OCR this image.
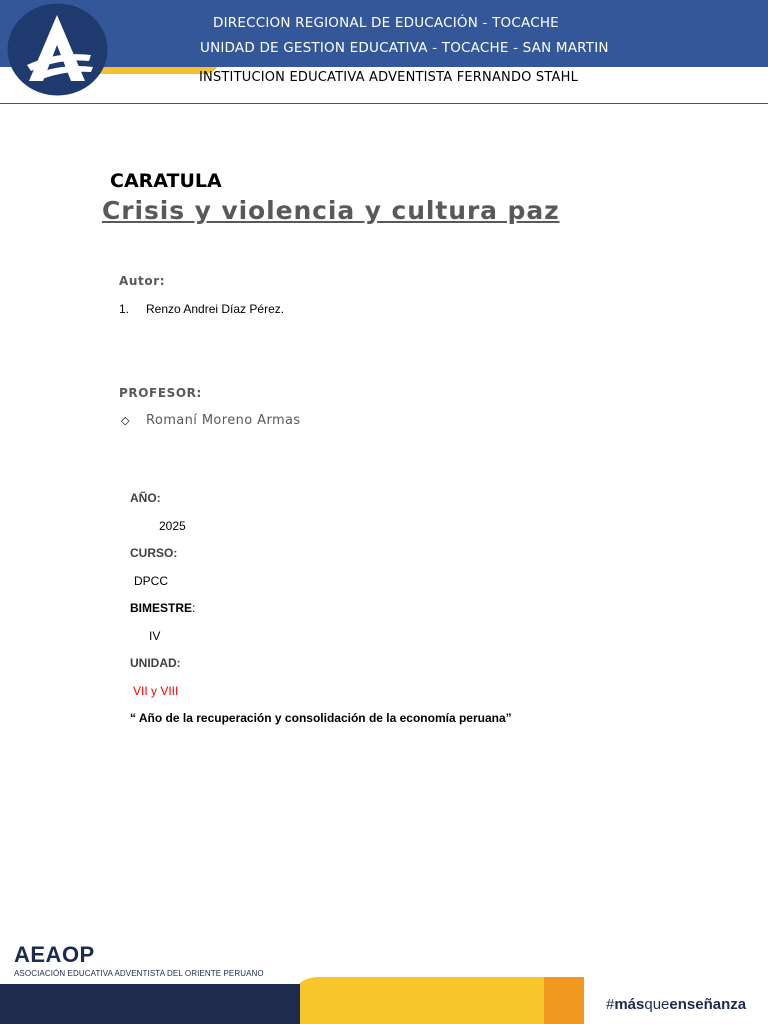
DIRECCION REGIONAL DE EDUCACIÓN - TOCACHE
UNIDAD DE GESTION EDUCATIVA - TOCACHE - SAN MARTIN
INSTITUCION EDUCATIVA ADVENTISTA FERNANDO STAHL
CARATULA
Crisis y violencia y cultura paz
Autor:
1. Renzo Andrei Díaz Pérez.
PROFESOR:
◇ Romaní Moreno Armas
AÑO:
2025
CURSO:
DPCC
BIMESTRE:
IV
UNIDAD:
VII y VIII
“ Año de la recuperación y consolidación de la economía peruana”
AEAOP
ASOCIACIÓN EDUCATIVA ADVENTISTA DEL ORIENTE PERUANO
#másqueenseñanza
